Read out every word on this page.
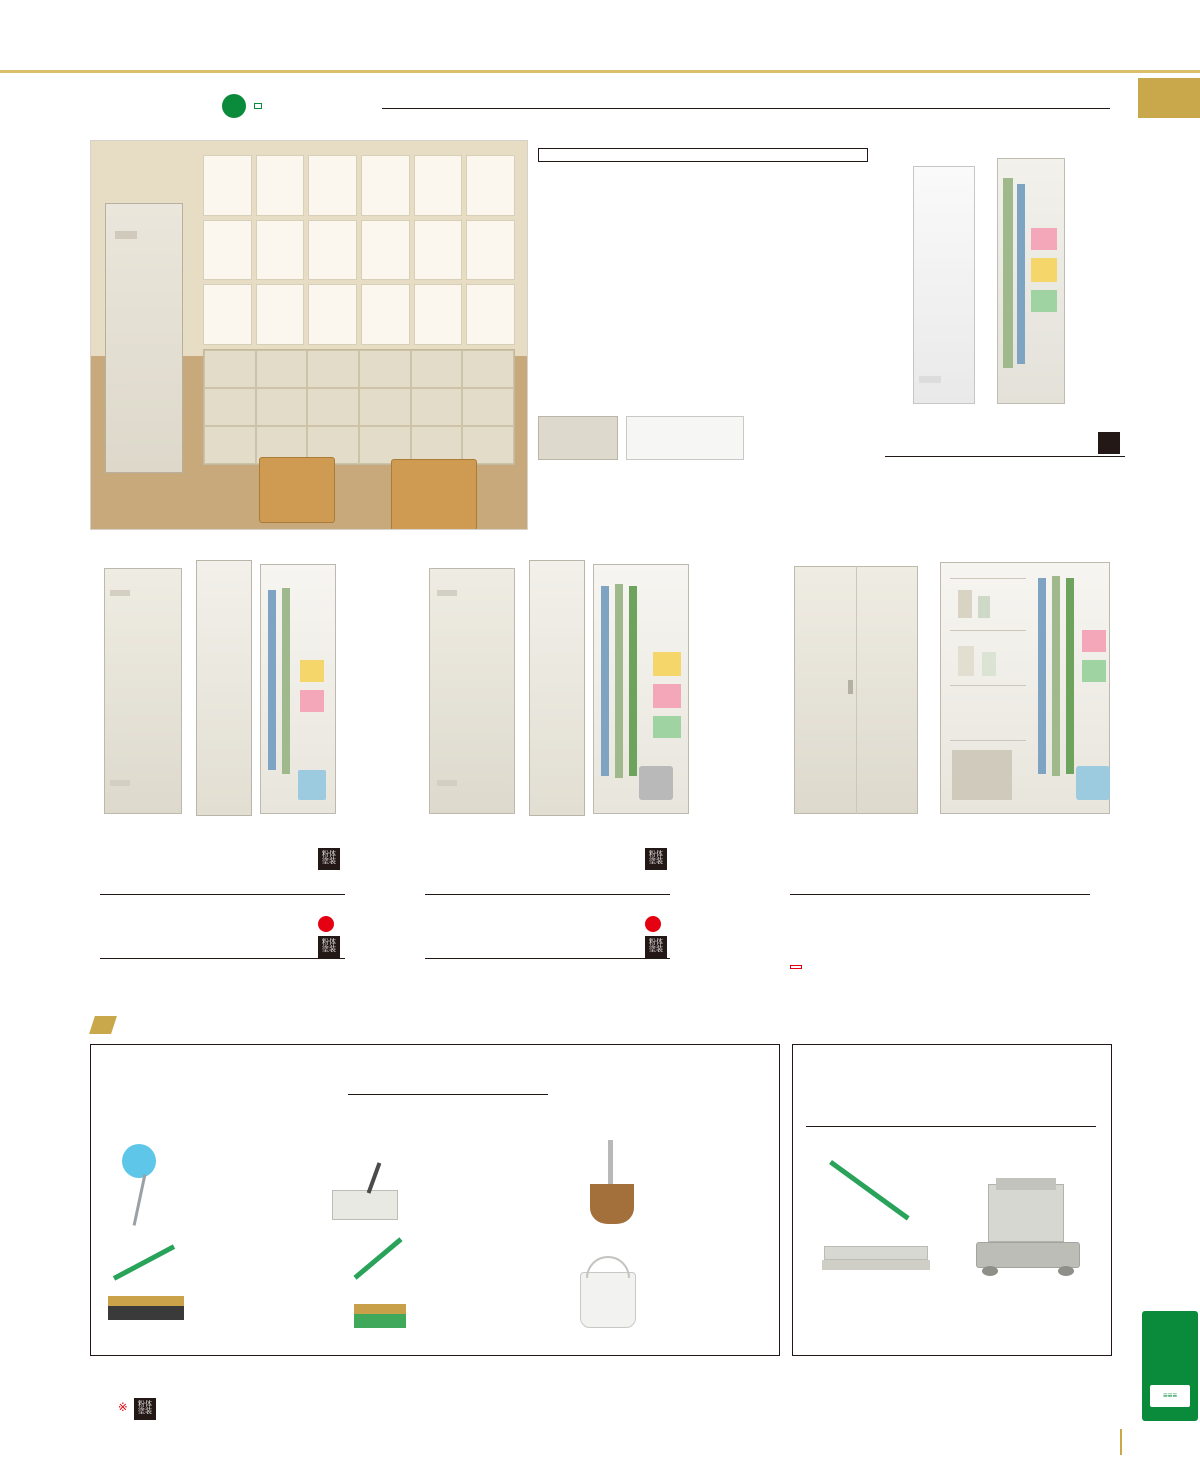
≡≡≡

粉体
塗装
粉体
塗装
粉体
塗装
粉体
塗装

※	粉体
塗装
